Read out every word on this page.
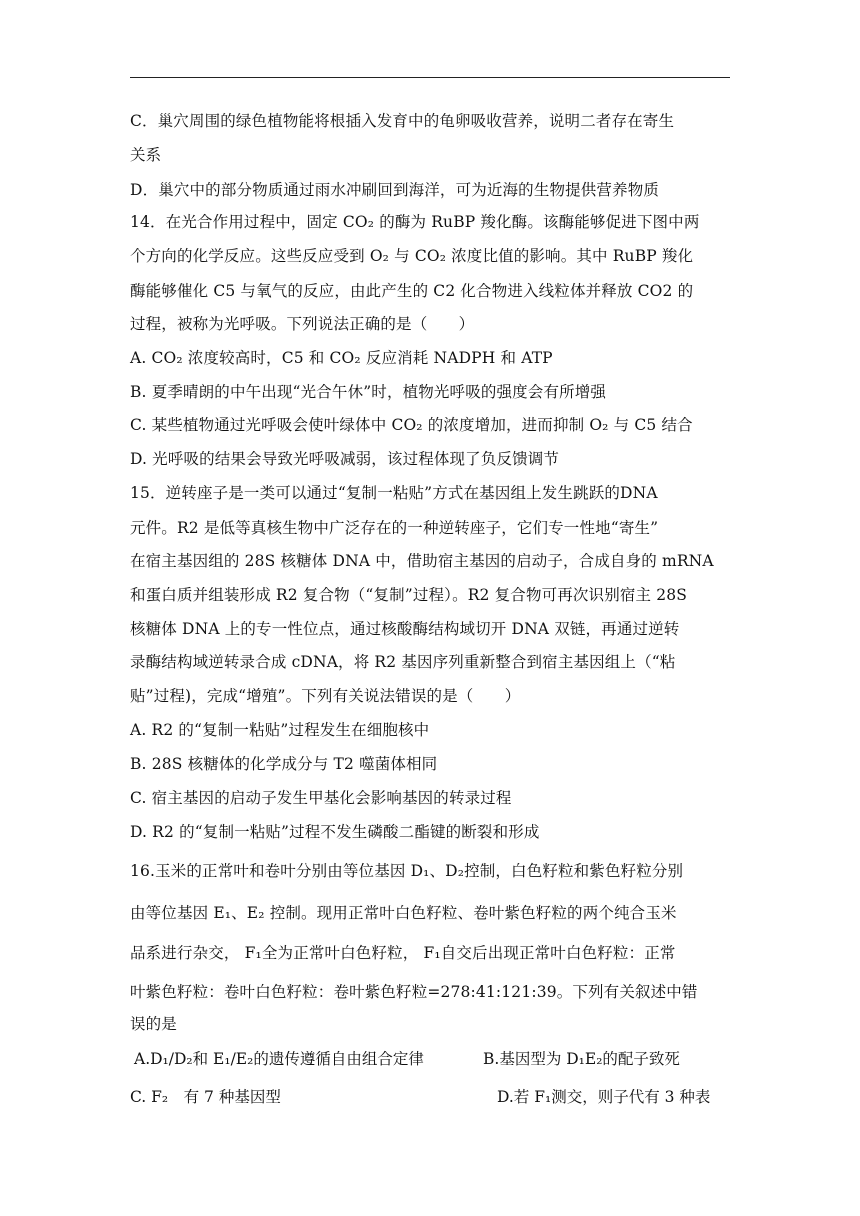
C．巢穴周围的绿色植物能将根插入发育中的龟卵吸收营养，说明二者存在寄生
关系
D．巢穴中的部分物质通过雨水冲刷回到海洋，可为近海的生物提供营养物质
14．在光合作用过程中，固定 CO₂ 的酶为 RuBP 羧化酶。该酶能够促进下图中两
个方向的化学反应。这些反应受到 O₂ 与 CO₂ 浓度比值的影响。其中 RuBP 羧化
酶能够催化 C5 与氧气的反应，由此产生的 C2 化合物进入线粒体并释放 CO2 的
过程，被称为光呼吸。下列说法正确的是（　　）
A. CO₂ 浓度较高时，C5 和 CO₂ 反应消耗 NADPH 和 ATP
B. 夏季晴朗的中午出现“光合午休”时，植物光呼吸的强度会有所增强
C. 某些植物通过光呼吸会使叶绿体中 CO₂ 的浓度增加，进而抑制 O₂ 与 C5 结合
D. 光呼吸的结果会导致光呼吸减弱，该过程体现了负反馈调节
15．逆转座子是一类可以通过“复制一粘贴”方式在基因组上发生跳跃的DNA
元件。R2 是低等真核生物中广泛存在的一种逆转座子，它们专一性地“寄生”
在宿主基因组的 28S 核糖体 DNA 中，借助宿主基因的启动子，合成自身的 mRNA
和蛋白质并组装形成 R2 复合物（“复制”过程）。R2 复合物可再次识别宿主 28S
核糖体 DNA 上的专一性位点，通过核酸酶结构域切开 DNA 双链，再通过逆转
录酶结构域逆转录合成 cDNA，将 R2 基因序列重新整合到宿主基因组上（“粘
贴”过程)，完成“增殖”。下列有关说法错误的是（　　）
A. R2 的“复制一粘贴”过程发生在细胞核中
B. 28S 核糖体的化学成分与 T2 噬菌体相同
C. 宿主基因的启动子发生甲基化会影响基因的转录过程
D. R2 的“复制一粘贴”过程不发生磷酸二酯键的断裂和形成
16.玉米的正常叶和卷叶分别由等位基因 D₁、D₂控制，白色籽粒和紫色籽粒分别
由等位基因 E₁、E₂ 控制。现用正常叶白色籽粒、卷叶紫色籽粒的两个纯合玉米
品系进行杂交， F₁全为正常叶白色籽粒， F₁自交后出现正常叶白色籽粒：正常
叶紫色籽粒：卷叶白色籽粒：卷叶紫色籽粒=278:41:121:39。下列有关叙述中错
误的是
A.D₁/D₂和 E₁/E₂的遗传遵循自由组合定律	B.基因型为 D₁E₂的配子致死
C. F₂　有 7 种基因型	D.若 F₁测交，则子代有 3 种表
